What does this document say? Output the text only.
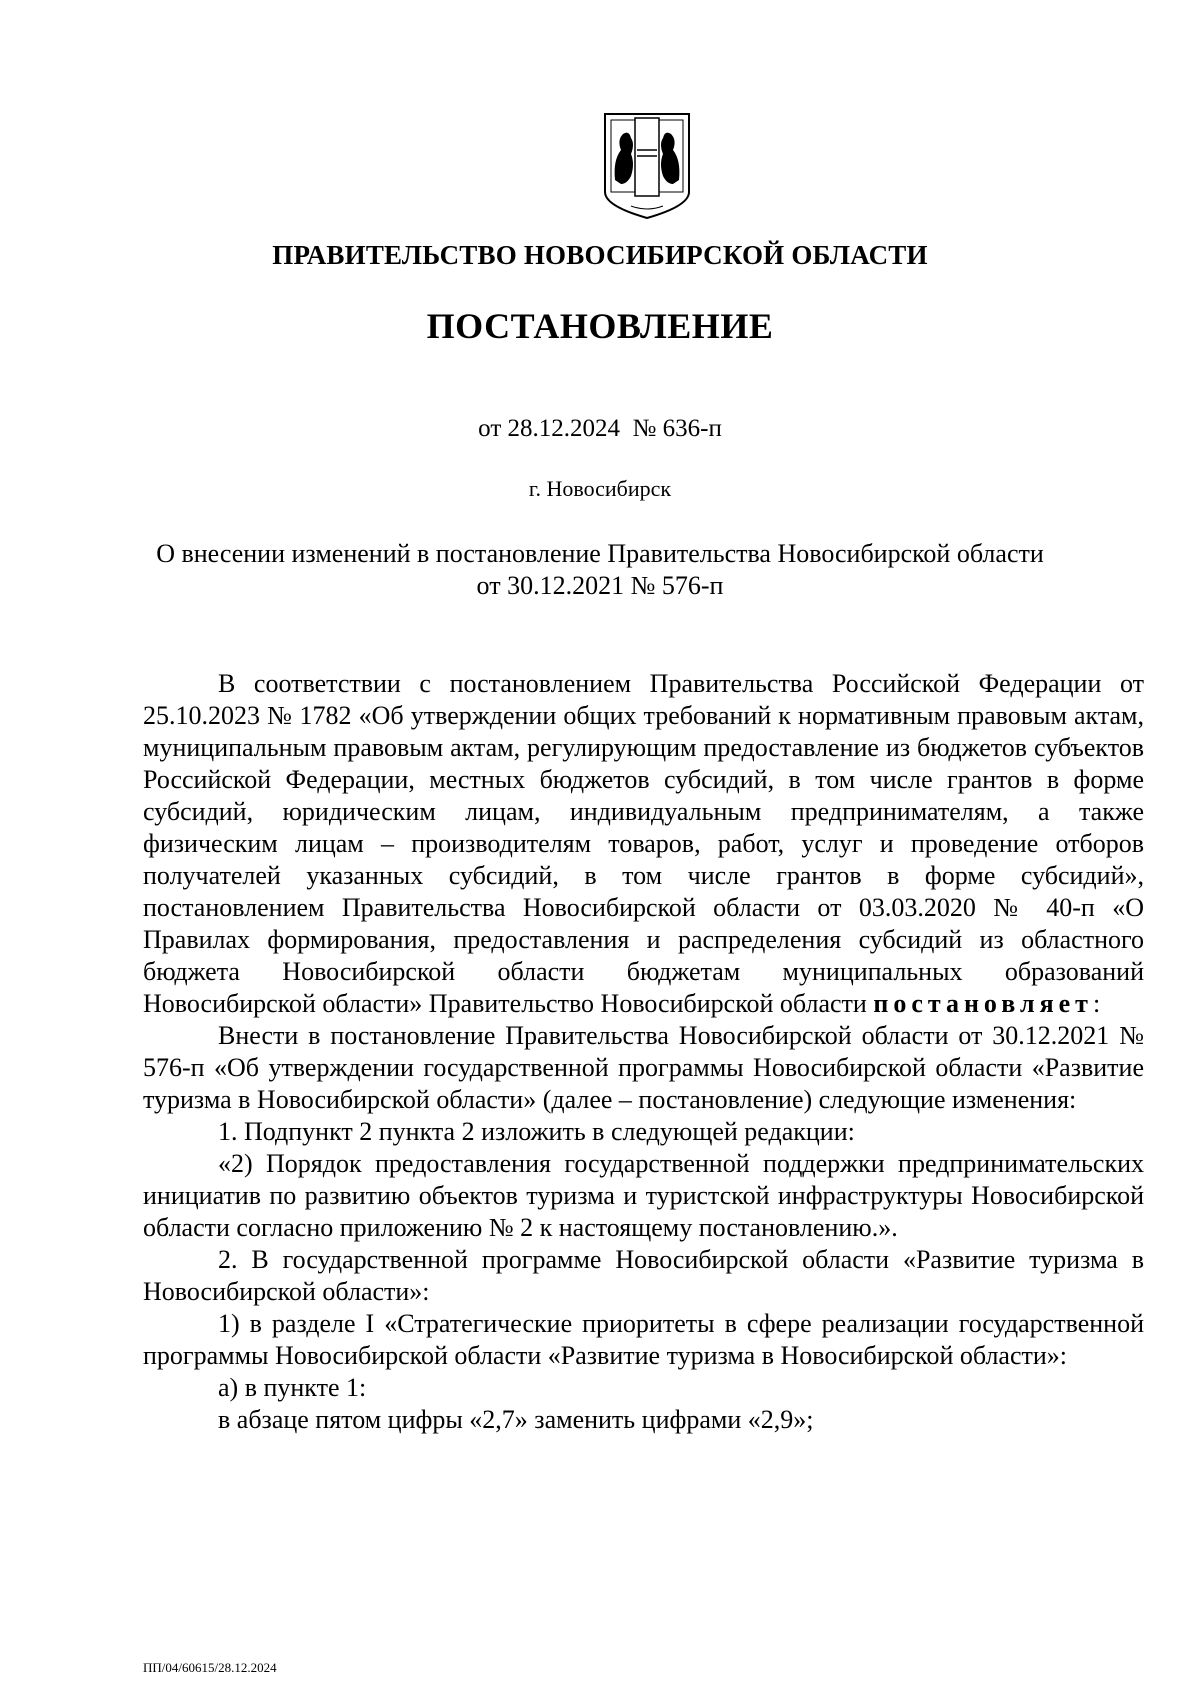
ПРАВИТЕЛЬСТВО НОВОСИБИРСКОЙ ОБЛАСТИ
ПОСТАНОВЛЕНИЕ
от 28.12.2024  № 636-п
г. Новосибирск
О внесении изменений в постановление Правительства Новосибирской области
от 30.12.2021 № 576-п

В соответствии с постановлением Правительства Российской Федерации от 25.10.2023 № 1782 «Об утверждении общих требований к нормативным правовым актам, муниципальным правовым актам, регулирующим предоставление из бюджетов субъектов Российской Федерации, местных бюджетов субсидий, в том числе грантов в форме субсидий, юридическим лицам, индивидуальным предпринимателям, а также физическим лицам – производителям товаров, работ, услуг и проведение отборов получателей указанных субсидий, в том числе грантов в форме субсидий», постановлением Правительства Новосибирской области от 03.03.2020 № 40-п «О Правилах формирования, предоставления и распределения субсидий из областного бюджета Новосибирской области бюджетам муниципальных образований Новосибирской области» Правительство Новосибирской области постановляет:

Внести в постановление Правительства Новосибирской области от 30.12.2021 № 576-п «Об утверждении государственной программы Новосибирской области «Развитие туризма в Новосибирской области» (далее – постановление) следующие изменения:

1. Подпункт 2 пункта 2 изложить в следующей редакции:

«2) Порядок предоставления государственной поддержки предпринимательских инициатив по развитию объектов туризма и туристской инфраструктуры Новосибирской области согласно приложению № 2 к настоящему постановлению.».

2. В государственной программе Новосибирской области «Развитие туризма в Новосибирской области»:

1) в разделе I «Стратегические приоритеты в сфере реализации государственной программы Новосибирской области «Развитие туризма в Новосибирской области»:

а) в пункте 1:

в абзаце пятом цифры «2,7» заменить цифрами «2,9»;

ПП/04/60615/28.12.2024
